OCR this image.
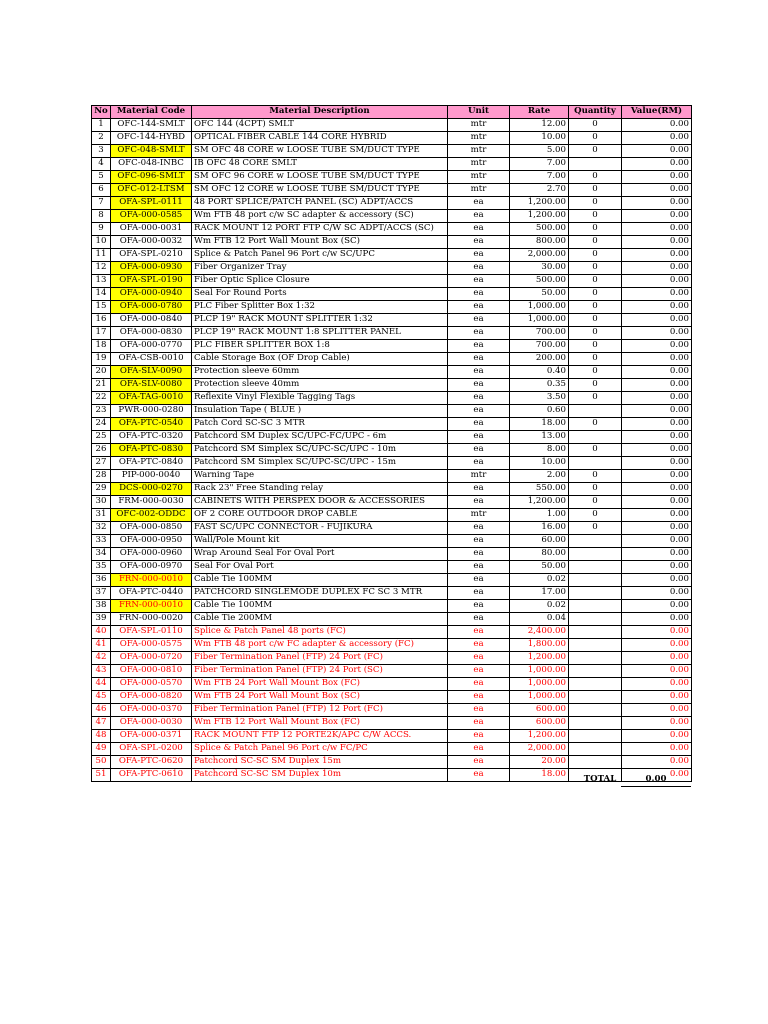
No	Material Code	Material Description	Unit	Rate	Quantity	Value(RM)
1	OFC-144-SMLT	OFC 144 (4CPT) SMLT	mtr	12.00	0	0.00
2	OFC-144-HYBD	OPTICAL FIBER CABLE 144 CORE HYBRID	mtr	10.00	0	0.00
3	OFC-048-SMLT	SM OFC 48 CORE w LOOSE TUBE SM/DUCT TYPE	mtr	5.00	0	0.00
4	OFC-048-INBC	IB OFC 48 CORE SMLT	mtr	7.00		0.00
5	OFC-096-SMLT	SM OFC 96 CORE w LOOSE TUBE SM/DUCT TYPE	mtr	7.00	0	0.00
6	OFC-012-LTSM	SM OFC 12 CORE w LOOSE TUBE SM/DUCT TYPE	mtr	2.70	0	0.00
7	OFA-SPL-0111	48 PORT SPLICE/PATCH PANEL (SC) ADPT/ACCS	ea	1,200.00	0	0.00
8	OFA-000-0585	Wm FTB 48 port c/w SC adapter & accessory (SC)	ea	1,200.00	0	0.00
9	OFA-000-0031	RACK MOUNT 12 PORT FTP C/W SC ADPT/ACCS (SC)	ea	500.00	0	0.00
10	OFA-000-0032	Wm FTB 12 Port Wall Mount Box (SC)	ea	800.00	0	0.00
11	OFA-SPL-0210	Splice & Patch Panel 96 Port c/w SC/UPC	ea	2,000.00	0	0.00
12	OFA-000-0930	Fiber Organizer Tray	ea	30.00	0	0.00
13	OFA-SPL-0190	Fiber Optic Splice Closure	ea	500.00	0	0.00
14	OFA-000-0940	Seal For Round Ports	ea	50.00	0	0.00
15	OFA-000-0780	PLC Fiber Splitter Box 1:32	ea	1,000.00	0	0.00
16	OFA-000-0840	PLCP 19" RACK MOUNT SPLITTER 1:32	ea	1,000.00	0	0.00
17	OFA-000-0830	PLCP 19" RACK MOUNT 1:8 SPLITTER PANEL	ea	700.00	0	0.00
18	OFA-000-0770	PLC FIBER SPLITTER BOX 1:8	ea	700.00	0	0.00
19	OFA-CSB-0010	Cable Storage Box (OF Drop Cable)	ea	200.00	0	0.00
20	OFA-SLV-0090	Protection sleeve 60mm	ea	0.40	0	0.00
21	OFA-SLV-0080	Protection sleeve 40mm	ea	0.35	0	0.00
22	OFA-TAG-0010	Reflexite Vinyl Flexible Tagging Tags	ea	3.50	0	0.00
23	PWR-000-0280	Insulation Tape ( BLUE )	ea	0.60		0.00
24	OFA-PTC-0540	Patch Cord SC-SC 3 MTR	ea	18.00	0	0.00
25	OFA-PTC-0320	Patchcord SM Duplex SC/UPC-FC/UPC - 6m	ea	13.00		0.00
26	OFA-PTC-0830	Patchcord SM Simplex SC/UPC-SC/UPC - 10m	ea	8.00	0	0.00
27	OFA-PTC-0840	Patchcord SM Simplex SC/UPC-SC/UPC - 15m	ea	10.00		0.00
28	PIP-000-0040	Warning Tape	mtr	2.00	0	0.00
29	DCS-000-0270	Rack 23" Free Standing relay	ea	550.00	0	0.00
30	FRM-000-0030	CABINETS WITH PERSPEX DOOR & ACCESSORIES	ea	1,200.00	0	0.00
31	OFC-002-ODDC	OF 2 CORE OUTDOOR DROP CABLE	mtr	1.00	0	0.00
32	OFA-000-0850	FAST SC/UPC CONNECTOR - FUJIKURA	ea	16.00	0	0.00
33	OFA-000-0950	Wall/Pole Mount kit	ea	60.00		0.00
34	OFA-000-0960	Wrap Around Seal For Oval Port	ea	80.00		0.00
35	OFA-000-0970	Seal For Oval Port	ea	50.00		0.00
36	FRN-000-0010	Cable Tie 100MM	ea	0.02		0.00
37	OFA-PTC-0440	PATCHCORD SINGLEMODE DUPLEX FC SC 3 MTR	ea	17.00		0.00
38	FRN-000-0010	Cable Tie 100MM	ea	0.02		0.00
39	FRN-000-0020	Cable Tie 200MM	ea	0.04		0.00
40	OFA-SPL-0110	Splice & Patch Panel 48 ports (FC)	ea	2,400.00		0.00
41	OFA-000-0575	Wm FTB 48 port c/w FC adapter & accessory (FC)	ea	1,800.00		0.00
42	OFA-000-0720	Fiber Termination Panel (FTP) 24 Port (FC)	ea	1,200.00		0.00
43	OFA-000-0810	Fiber Termination Panel (FTP) 24 Port (SC)	ea	1,000.00		0.00
44	OFA-000-0570	Wm FTB 24 Port Wall Mount Box (FC)	ea	1,000.00		0.00
45	OFA-000-0820	Wm FTB 24 Port Wall Mount Box (SC)	ea	1,000.00		0.00
46	OFA-000-0370	Fiber Termination Panel (FTP) 12 Port (FC)	ea	600.00		0.00
47	OFA-000-0030	Wm FTB 12 Port Wall Mount Box (FC)	ea	600.00		0.00
48	OFA-000-0371	RACK MOUNT FTP 12 PORTE2K/APC C/W ACCS.	ea	1,200.00		0.00
49	OFA-SPL-0200	Splice & Patch Panel 96 Port c/w FC/PC	ea	2,000.00		0.00
50	OFA-PTC-0620	Patchcord SC-SC SM Duplex 15m	ea	20.00		0.00
51	OFA-PTC-0610	Patchcord SC-SC SM Duplex 10m	ea	18.00		0.00
TOTAL	0.00
